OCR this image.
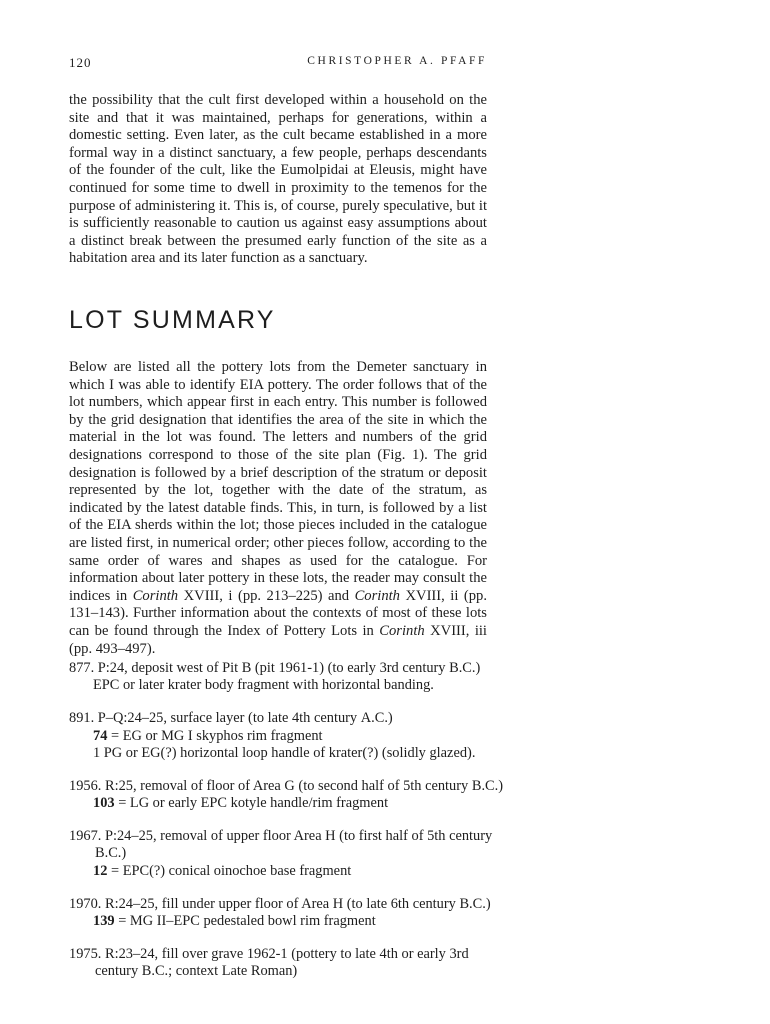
120	CHRISTOPHER A. PFAFF

the possibility that the cult first developed within a household on the site and that it was maintained, perhaps for generations, within a domestic setting. Even later, as the cult became established in a more formal way in a distinct sanctuary, a few people, perhaps descendants of the founder of the cult, like the Eumolpidai at Eleusis, might have continued for some time to dwell in proximity to the temenos for the purpose of administering it. This is, of course, purely speculative, but it is sufficiently reasonable to caution us against easy assumptions about a distinct break between the presumed early function of the site as a habitation area and its later function as a sanctuary.

LOT SUMMARY

Below are listed all the pottery lots from the Demeter sanctuary in which I was able to identify EIA pottery. The order follows that of the lot numbers, which appear first in each entry. This number is followed by the grid designation that identifies the area of the site in which the material in the lot was found. The letters and numbers of the grid designations correspond to those of the site plan (Fig. 1). The grid designation is followed by a brief description of the stratum or deposit represented by the lot, together with the date of the stratum, as indicated by the latest datable finds. This, in turn, is followed by a list of the EIA sherds within the lot; those pieces included in the catalogue are listed first, in numerical order; other pieces follow, according to the same order of wares and shapes as used for the catalogue. For information about later pottery in these lots, the reader may consult the indices in Corinth XVIII, i (pp. 213–225) and Corinth XVIII, ii (pp. 131–143). Further information about the contexts of most of these lots can be found through the Index of Pottery Lots in Corinth XVIII, iii (pp. 493–497).

877. P:24, deposit west of Pit B (pit 1961-1) (to early 3rd century B.C.)
EPC or later krater body fragment with horizontal banding.
891. P–Q:24–25, surface layer (to late 4th century A.C.)
74 = EG or MG I skyphos rim fragment
1 PG or EG(?) horizontal loop handle of krater(?) (solidly glazed).
1956. R:25, removal of floor of Area G (to second half of 5th century B.C.)
103 = LG or early EPC kotyle handle/rim fragment
1967. P:24–25, removal of upper floor Area H (to first half of 5th century B.C.)
12 = EPC(?) conical oinochoe base fragment
1970. R:24–25, fill under upper floor of Area H (to late 6th century B.C.)
139 = MG II–EPC pedestaled bowl rim fragment
1975. R:23–24, fill over grave 1962-1 (pottery to late 4th or early 3rd century B.C.; context Late Roman)
